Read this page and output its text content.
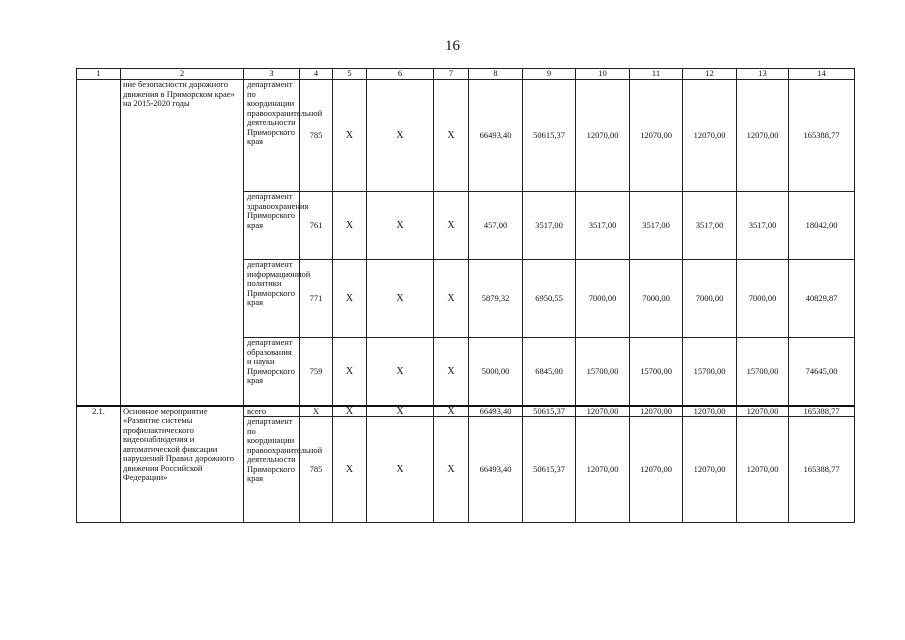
16
1	2	3	4	5	6	7	8	9	10	11	12	13	14
	ние безопасности дорожного движения в Приморском крае» на 2015-2020 годы	департамент по координации правоохранительной деятельности Приморского края	785	X	X	X	66493,40	50615,37	12070,00	12070,00	12070,00	12070,00	165388,77
		департамент здравоохранения Приморского края	761	X	X	X	457,00	3517,00	3517,00	3517,00	3517,00	3517,00	18042,00
		департамент информационной политики Приморского края	771	X	X	X	5879,32	6950,55	7000,00	7000,00	7000,00	7000,00	40829,87
		департамент образования и науки Приморского края	759	X	X	X	5000,00	6845,00	15700,00	15700,00	15700,00	15700,00	74645,00
2.1.	Основное мероприятие «Развитие системы профилактического видеонаблюдения и автоматической фиксации нарушений Правил дорожного движения Российской Федерации»	всего	X	X	X	X	66493,40	50615,37	12070,00	12070,00	12070,00	12070,00	165388,77
		департамент по координации правоохранительной деятельности Приморского края	785	X	X	X	66493,40	50615,37	12070,00	12070,00	12070,00	12070,00	165388,77
